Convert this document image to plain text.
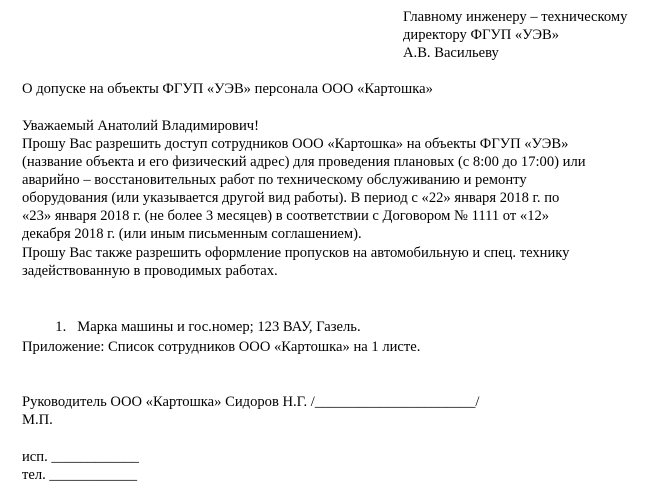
Главному инженеру – техническому
директору ФГУП «УЭВ»
А.В. Васильеву
О допуске на объекты ФГУП «УЭВ» персонала ООО «Картошка»
Уважаемый Анатолий Владимирович!
Прошу Вас разрешить доступ сотрудников ООО «Картошка» на объекты ФГУП «УЭВ»
(название объекта и его физический адрес) для проведения плановых (с 8:00 до 17:00) или
аварийно – восстановительных работ по техническому обслуживанию и ремонту
оборудования (или указывается другой вид работы). В период с «22» января 2018 г. по
«23» января 2018 г. (не более 3 месяцев) в соответствии с Договором № 1111 от «12»
декабря 2018 г. (или иным письменным соглашением).
Прошу Вас также разрешить оформление пропусков на автомобильную и спец. технику
задействованную в проводимых работах.

1. Марка машины и гос.номер; 123 ВАУ, Газель.

Приложение: Список сотрудников ООО «Картошка» на 1 листе.
Руководитель ООО «Картошка» Сидоров Н.Г. /______________________/
М.П.
исп. ____________
тел. ____________
